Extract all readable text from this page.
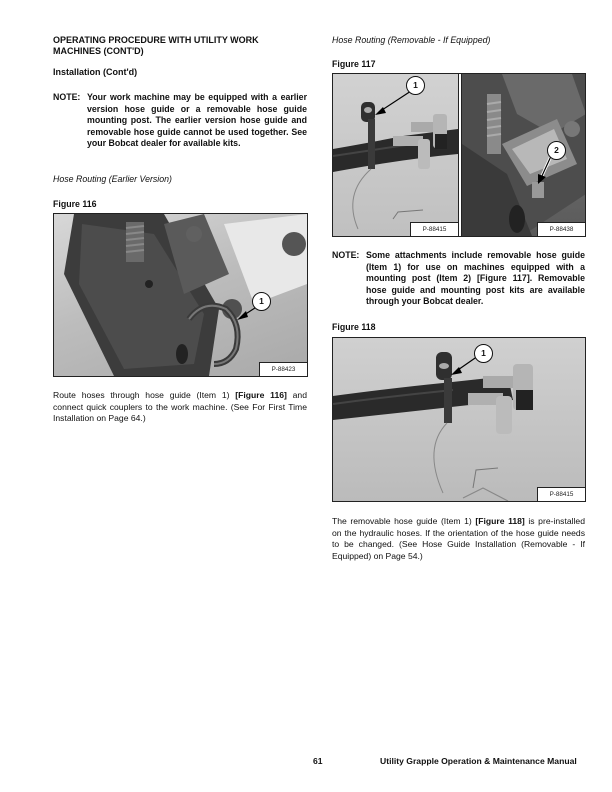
OPERATING PROCEDURE WITH UTILITY WORK MACHINES (CONT'D)
Installation (Cont'd)
NOTE: Your work machine may be equipped with a earlier version hose guide or a removable hose guide mounting post. The earlier version hose guide and removable hose guide cannot be used together. See your Bobcat dealer for available kits.
Hose Routing (Earlier Version)
Figure 116
1
P-88423
Route hoses through hose guide (Item 1) [Figure 116] and connect quick couplers to the work machine. (See For First Time Installation on Page 64.)
Hose Routing (Removable - If Equipped)
Figure 117
1
P-88415
2
P-88438
NOTE: Some attachments include removable hose guide (Item 1) for use on machines equipped with a mounting post (Item 2) [Figure 117]. Removable hose guide and mounting post kits are available through your Bobcat dealer.
Figure 118
1
P-88415
The removable hose guide (Item 1) [Figure 118] is pre-installed on the hydraulic hoses. If the orientation of the hose guide needs to be changed. (See Hose Guide Installation (Removable - If Equipped) on Page 54.)
61	Utility Grapple Operation & Maintenance Manual
